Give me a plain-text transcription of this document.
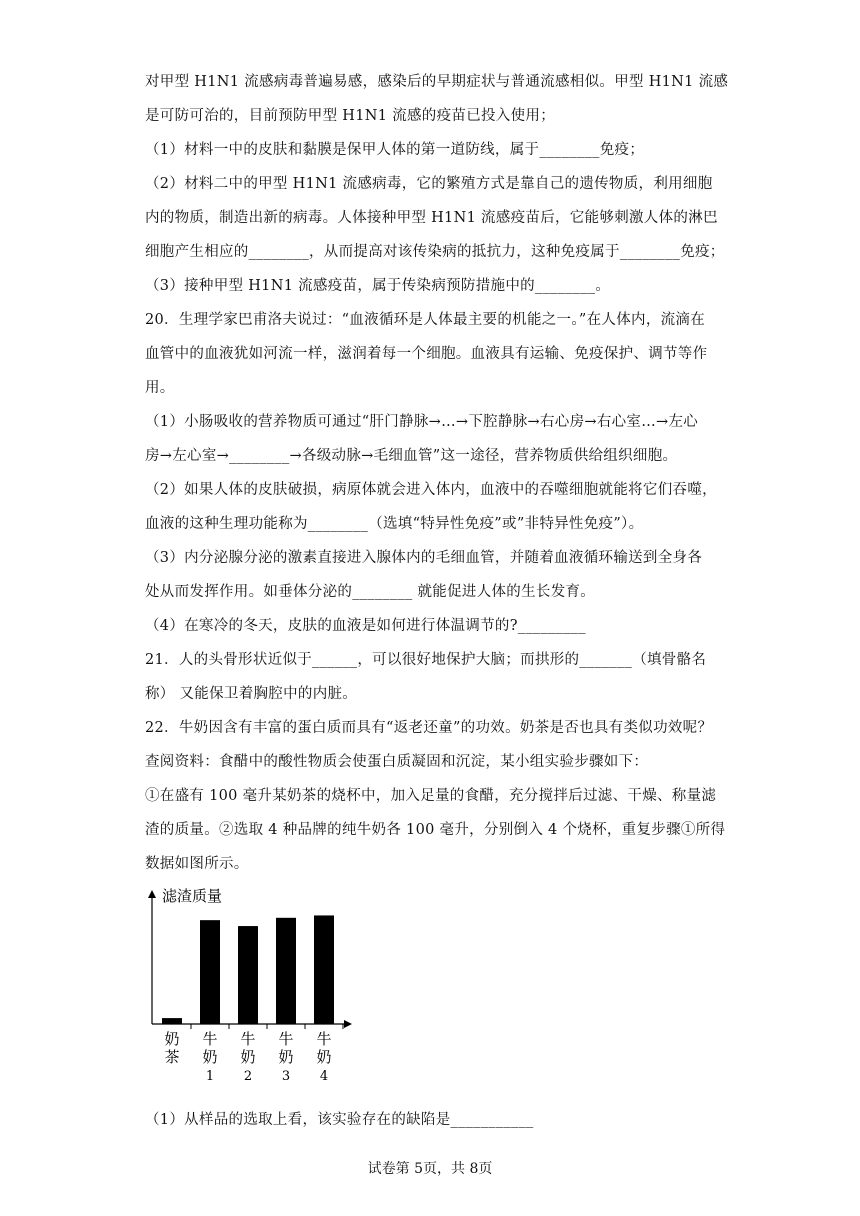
对甲型 H1N1 流感病毒普遍易感，感染后的早期症状与普通流感相似。甲型 H1N1 流感
是可防可治的，目前预防甲型 H1N1 流感的疫苗已投入使用；
（1）材料一中的皮肤和黏膜是保甲人体的第一道防线，属于________免疫；
（2）材料二中的甲型 H1N1 流感病毒，它的繁殖方式是靠自己的遗传物质，利用细胞
内的物质，制造出新的病毒。人体接种甲型 H1N1 流感疫苗后，它能够刺激人体的淋巴
细胞产生相应的________，从而提高对该传染病的抵抗力，这种免疫属于________免疫；
（3）接种甲型 H1N1 流感疫苗，属于传染病预防措施中的________。
20．生理学家巴甫洛夫说过：“血液循环是人体最主要的机能之一。”在人体内，流滴在
血管中的血液犹如河流一样，滋润着每一个细胞。血液具有运输、免疫保护、调节等作
用。
（1）小肠吸收的营养物质可通过“肝门静脉→…→下腔静脉→右心房→右心室…→左心
房→左心室→________→各级动脉→毛细血管”这一途径，营养物质供给组织细胞。
（2）如果人体的皮肤破损，病原体就会进入体内，血液中的吞噬细胞就能将它们吞噬，
血液的这种生理功能称为________（选填“特异性免疫”或”非特异性免疫”）。
（3）内分泌腺分泌的激素直接进入腺体内的毛细血管，并随着血液循环输送到全身各
处从而发挥作用。如垂体分泌的________ 就能促进人体的生长发育。
（4）在寒冷的冬天，皮肤的血液是如何进行体温调节的?_________
21．人的头骨形状近似于______，可以很好地保护大脑；而拱形的_______（填骨骼名
称） 又能保卫着胸腔中的内脏。
22．牛奶因含有丰富的蛋白质而具有“返老还童”的功效。奶茶是否也具有类似功效呢？
查阅资料：食醋中的酸性物质会使蛋白质凝固和沉淀，某小组实验步骤如下：
①在盛有 100 毫升某奶茶的烧杯中，加入足量的食醋，充分搅拌后过滤、干燥、称量滤
渣的质量。②选取 4 种品牌的纯牛奶各 100 毫升，分别倒入 4 个烧杯，重复步骤①所得
数据如图所示。
滤渣质量
奶
茶
牛
奶
1
牛
奶
2
牛
奶
3
牛
奶
4
（1）从样品的选取上看，该实验存在的缺陷是___________
试卷第 5页，共 8页
